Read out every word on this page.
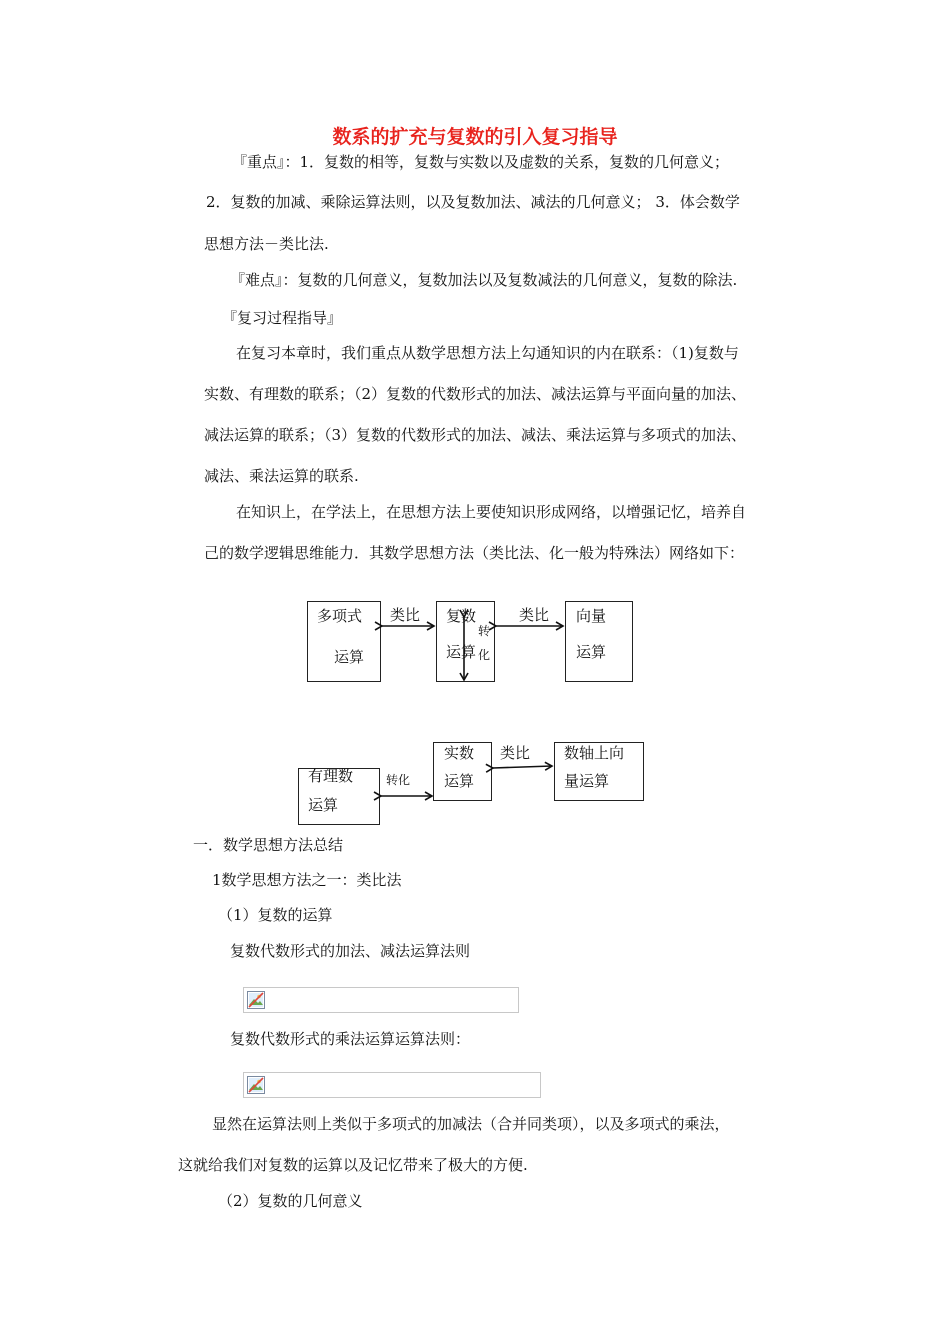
数系的扩充与复数的引入复习指导
『重点』：1．复数的相等，复数与实数以及虚数的关系，复数的几何意义；
2．复数的加减、乘除运算法则，以及复数加法、减法的几何意义； 3．体会数学
思想方法－类比法.
『难点』：复数的几何意义，复数加法以及复数减法的几何意义，复数的除法.
『复习过程指导』
在复习本章时，我们重点从数学思想方法上勾通知识的内在联系：（1)复数与
实数、有理数的联系；（2）复数的代数形式的加法、减法运算与平面向量的加法、
减法运算的联系；（3）复数的代数形式的加法、减法、乘法运算与多项式的加法、
减法、乘法运算的联系.
在知识上，在学法上，在思想方法上要使知识形成网络，以增强记忆，培养自
己的数学逻辑思维能力．其数学思想方法（类比法、化一般为特殊法）网络如下：
多项式
运算
复数
运算
向量
运算
类比	类比
转
化
有理数
运算
实数
运算
数轴上向
量运算
类比
转化
一．数学思想方法总结
1数学思想方法之一：类比法
（1）复数的运算
复数代数形式的加法、减法运算法则
复数代数形式的乘法运算运算法则：
显然在运算法则上类似于多项式的加减法（合并同类项），以及多项式的乘法，
这就给我们对复数的运算以及记忆带来了极大的方便.
（2）复数的几何意义
